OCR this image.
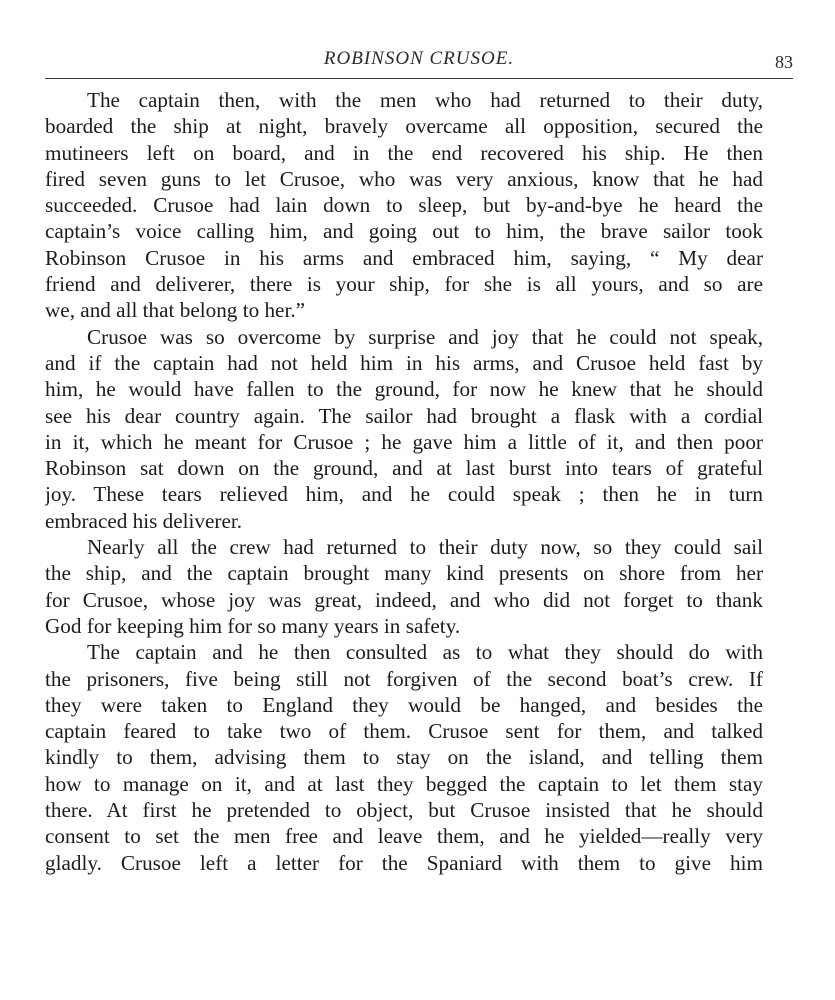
ROBINSON CRUSOE.	83

The captain then, with the men who had returned to their duty,
boarded the ship at night, bravely overcame all opposition, secured the
mutineers left on board, and in the end recovered his ship. He then
fired seven guns to let Crusoe, who was very anxious, know that he had
succeeded. Crusoe had lain down to sleep, but by-and-bye he heard the
captain’s voice calling him, and going out to him, the brave sailor took
Robinson Crusoe in his arms and embraced him, saying, “ My dear
friend and deliverer, there is your ship, for she is all yours, and so are
we, and all that belong to her.”

Crusoe was so overcome by surprise and joy that he could not speak,
and if the captain had not held him in his arms, and Crusoe held fast by
him, he would have fallen to the ground, for now he knew that he should
see his dear country again. The sailor had brought a flask with a cordial
in it, which he meant for Crusoe ; he gave him a little of it, and then poor
Robinson sat down on the ground, and at last burst into tears of grateful
joy. These tears relieved him, and he could speak ; then he in turn
embraced his deliverer.

Nearly all the crew had returned to their duty now, so they could sail
the ship, and the captain brought many kind presents on shore from her
for Crusoe, whose joy was great, indeed, and who did not forget to thank
God for keeping him for so many years in safety.

The captain and he then consulted as to what they should do with
the prisoners, five being still not forgiven of the second boat’s crew. If
they were taken to England they would be hanged, and besides the
captain feared to take two of them. Crusoe sent for them, and talked
kindly to them, advising them to stay on the island, and telling them
how to manage on it, and at last they begged the captain to let them stay
there. At first he pretended to object, but Crusoe insisted that he should
consent to set the men free and leave them, and he yielded—really very
gladly. Crusoe left a letter for the Spaniard with them to give him
